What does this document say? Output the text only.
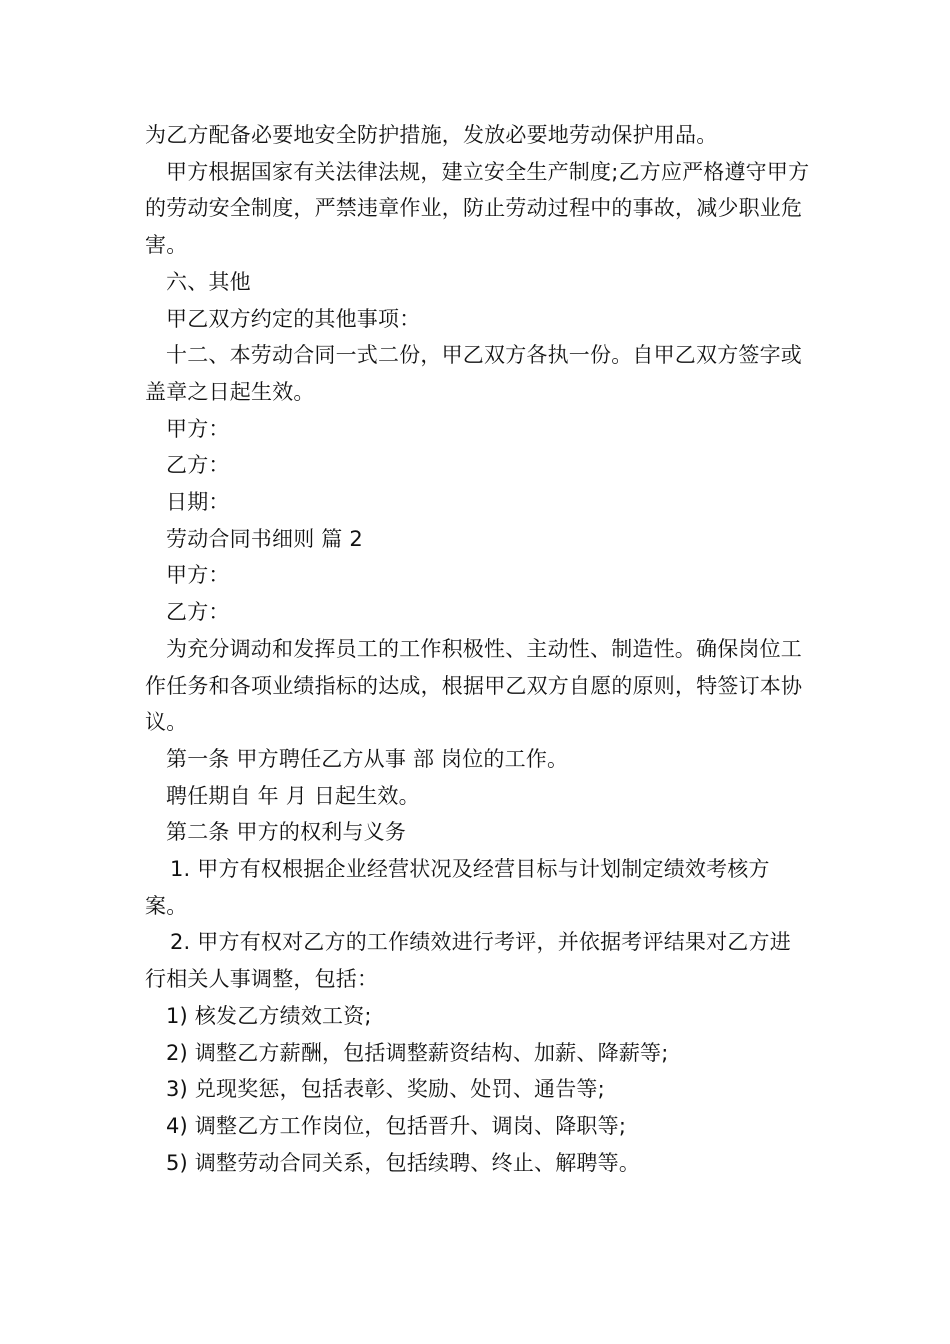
为乙方配备必要地安全防护措施，发放必要地劳动保护用品。

甲方根据国家有关法律法规，建立安全生产制度;乙方应严格遵守甲方的劳动安全制度，严禁违章作业，防止劳动过程中的事故，减少职业危害。

六、其他

甲乙双方约定的其他事项：

十二、本劳动合同一式二份，甲乙双方各执一份。自甲乙双方签字或盖章之日起生效。

甲方：

乙方：

日期：

劳动合同书细则 篇 2

甲方：

乙方：

为充分调动和发挥员工的工作积极性、主动性、制造性。确保岗位工作任务和各项业绩指标的达成，根据甲乙双方自愿的原则，特签订本协议。

第一条 甲方聘任乙方从事 部 岗位的工作。

聘任期自 年 月 日起生效。

第二条 甲方的权利与义务

1. 甲方有权根据企业经营状况及经营目标与计划制定绩效考核方案。

2. 甲方有权对乙方的工作绩效进行考评，并依据考评结果对乙方进行相关人事调整，包括：

1) 核发乙方绩效工资;

2) 调整乙方薪酬，包括调整薪资结构、加薪、降薪等;

3) 兑现奖惩，包括表彰、奖励、处罚、通告等;

4) 调整乙方工作岗位，包括晋升、调岗、降职等;

5) 调整劳动合同关系，包括续聘、终止、解聘等。
